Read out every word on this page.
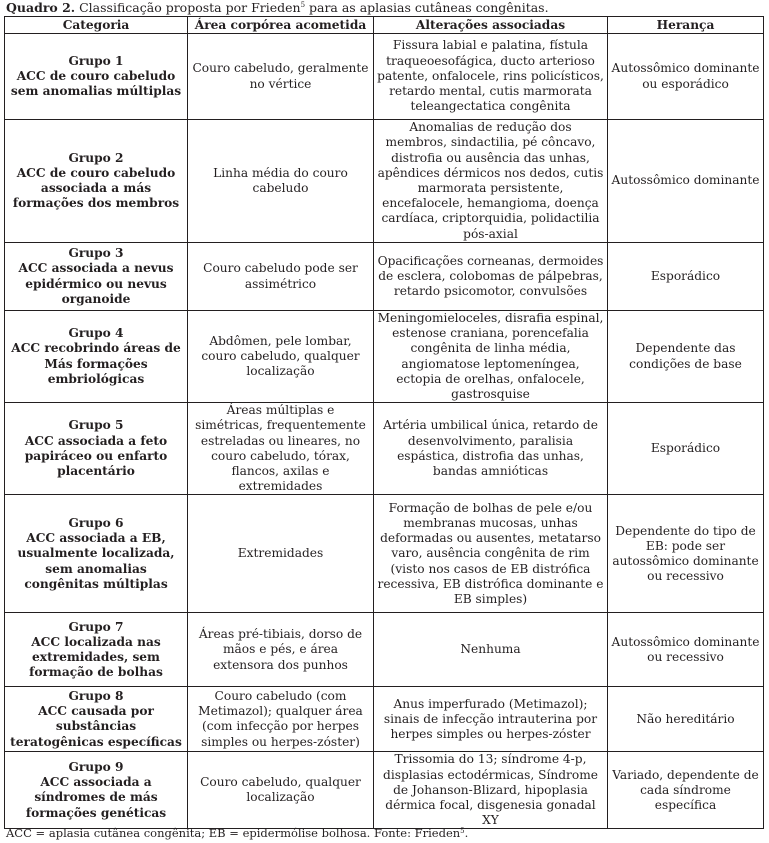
Quadro 2. Classificação proposta por Frieden$^5$ para as aplasias cutâneas congênitas.
Categoria	Área corpórea acometida	Alterações associadas	Herança

Grupo 1
ACC de couro cabeludo sem anomalias múltiplas	Couro cabeludo, geralmente no vértice	Fissura labial e palatina, fístula traqueoesofágica, ducto arterioso patente, onfalocele, rins policísticos, retardo mental, cutis marmorata teleangectatica congênita	Autossômico dominante ou esporádico

Grupo 2
ACC de couro cabeludo associada a más formações dos membros	Linha média do couro cabeludo	Anomalias de redução dos membros, sindactilia, pé côncavo, distrofia ou ausência das unhas, apêndices dérmicos nos dedos, cutis marmorata persistente, encefalocele, hemangioma, doença cardíaca, criptorquidia, polidactilia pós-axial	Autossômico dominante

Grupo 3
ACC associada a nevus epidérmico ou nevus organoide	Couro cabeludo pode ser assimétrico	Opacificações corneanas, dermoides de esclera, colobomas de pálpebras, retardo psicomotor, convulsões	Esporádico

Grupo 4
ACC recobrindo áreas de Más formações embriológicas	Abdômen, pele lombar, couro cabeludo, qualquer localização	Meningomieloceles, disrafia espinal, estenose craniana, porencefalia congênita de linha média, angiomatose leptomeníngea, ectopia de orelhas, onfalocele, gastrosquise	Dependente das condições de base

Grupo 5
ACC associada a feto papiráceo ou enfarto placentário	Áreas múltiplas e simétricas, frequentemente estreladas ou lineares, no couro cabeludo, tórax, flancos, axilas e extremidades	Artéria umbilical única, retardo de desenvolvimento, paralisia espástica, distrofia das unhas, bandas amnióticas	Esporádico

Grupo 6
ACC associada a EB, usualmente localizada, sem anomalias congênitas múltiplas	Extremidades	Formação de bolhas de pele e/ou membranas mucosas, unhas deformadas ou ausentes, metatarso varo, ausência congênita de rim (visto nos casos de EB distrófica recessiva, EB distrófica dominante e EB simples)	Dependente do tipo de EB: pode ser autossômico dominante ou recessivo

Grupo 7
ACC localizada nas extremidades, sem formação de bolhas	Áreas pré-tibiais, dorso de mãos e pés, e área extensora dos punhos	Nenhuma	Autossômico dominante ou recessivo

Grupo 8
ACC causada por substâncias teratogênicas específicas	Couro cabeludo (com Metimazol); qualquer área (com infecção por herpes simples ou herpes-zóster)	Anus imperfurado (Metimazol); sinais de infecção intrauterina por herpes simples ou herpes-zóster	Não hereditário

Grupo 9
ACC associada a síndromes de más formações genéticas	Couro cabeludo, qualquer localização	Trissomia do 13; síndrome 4-p, displasias ectodérmicas, Síndrome de Johanson-Blizard, hipoplasia dérmica focal, disgenesia gonadal XY	Variado, dependente de cada síndrome específica
ACC = aplasia cutânea congênita; EB = epidermólise bolhosa. Fonte: Frieden$^5$.
